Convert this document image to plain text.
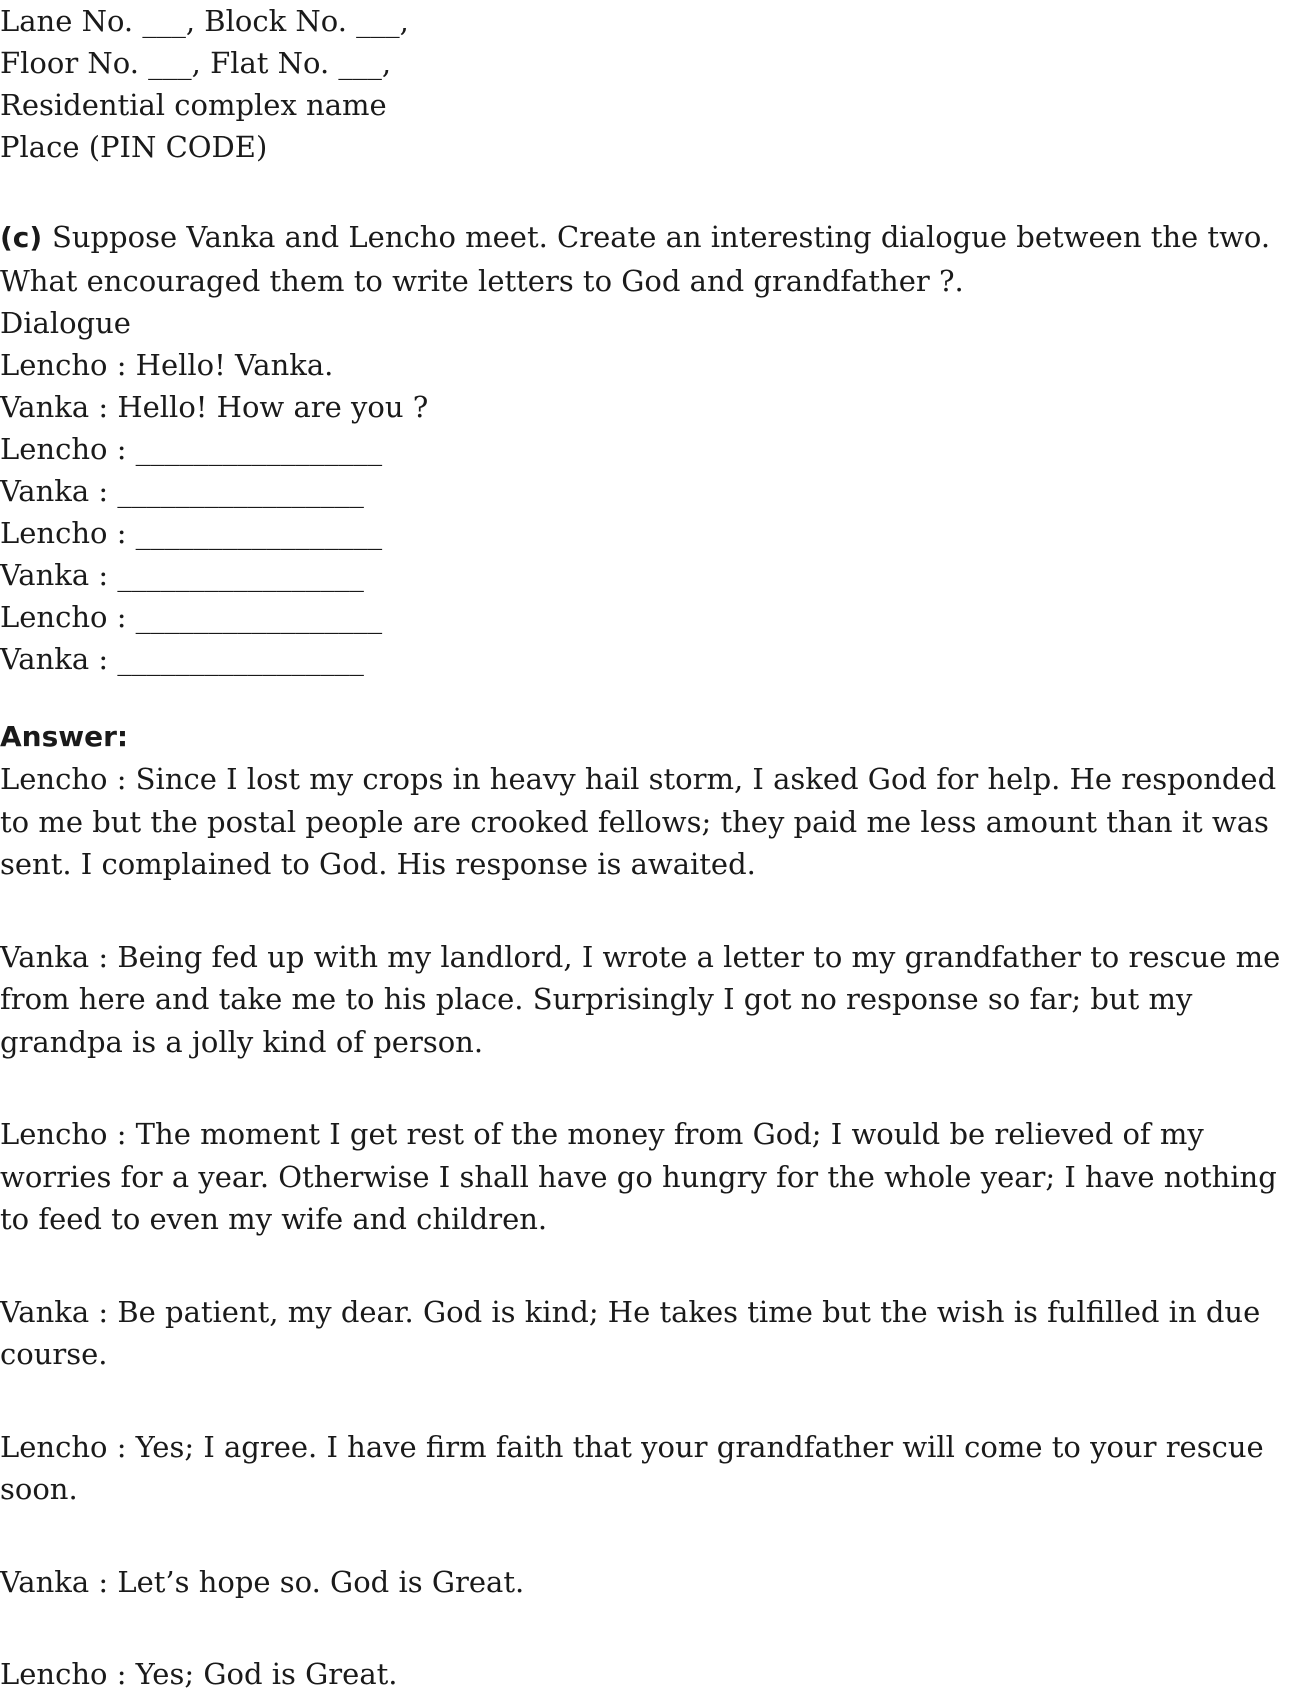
Lane No. ___, Block No. ___,
Floor No. ___, Flat No. ___,
Residential complex name
Place (PIN CODE)

(c) Suppose Vanka and Lencho meet. Create an interesting dialogue between the two. What encouraged them to write letters to God and grandfather ?.

Dialogue
Lencho : Hello! Vanka.
Vanka : Hello! How are you ?
Lencho : _________________
Vanka : _________________
Lencho : _________________
Vanka : _________________
Lencho : _________________
Vanka : _________________
Answer:

Lencho : Since I lost my crops in heavy hail storm, I asked God for help. He responded to me but the postal people are crooked fellows; they paid me less amount than it was sent. I complained to God. His response is awaited.

Vanka : Being fed up with my landlord, I wrote a letter to my grandfather to rescue me from here and take me to his place. Surprisingly I got no response so far; but my grandpa is a jolly kind of person.

Lencho : The moment I get rest of the money from God; I would be relieved of my worries for a year. Otherwise I shall have go hungry for the whole year; I have nothing to feed to even my wife and children.

Vanka : Be patient, my dear. God is kind; He takes time but the wish is fulfilled in due course.

Lencho : Yes; I agree. I have firm faith that your grandfather will come to your rescue soon.

Vanka : Let’s hope so. God is Great.

Lencho : Yes; God is Great.
